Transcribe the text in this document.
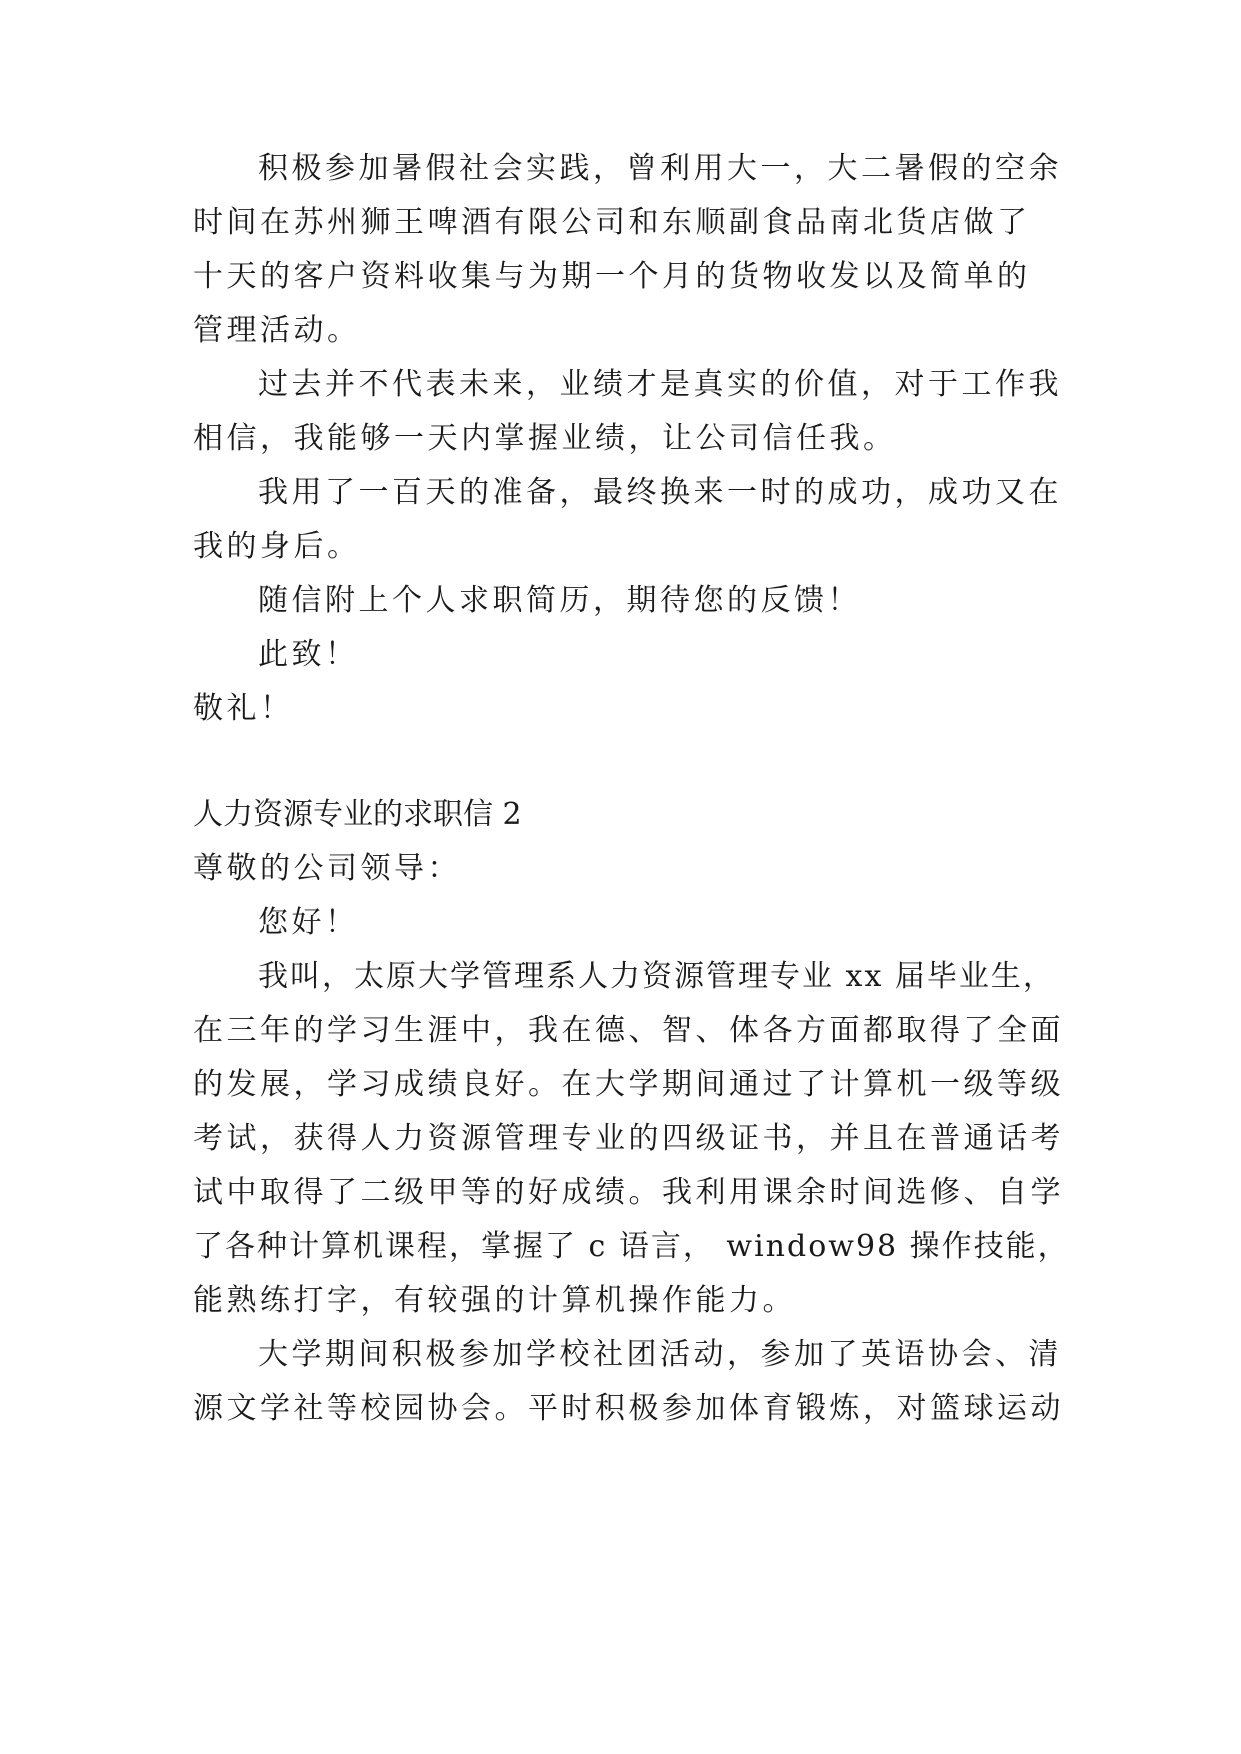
积极参加暑假社会实践，曾利用大一，大二暑假的空余
时间在苏州狮王啤酒有限公司和东顺副食品南北货店做了
十天的客户资料收集与为期一个月的货物收发以及简单的
管理活动。
过去并不代表未来，业绩才是真实的价值，对于工作我
相信，我能够一天内掌握业绩，让公司信任我。
我用了一百天的准备，最终换来一时的成功，成功又在
我的身后。
随信附上个人求职简历，期待您的反馈！
此致！
敬礼！
人力资源专业的求职信 2
尊敬的公司领导：
您好！
我叫，太原大学管理系人力资源管理专业 xx 届毕业生，
在三年的学习生涯中，我在德、智、体各方面都取得了全面
的发展，学习成绩良好。在大学期间通过了计算机一级等级
考试，获得人力资源管理专业的四级证书，并且在普通话考
试中取得了二级甲等的好成绩。我利用课余时间选修、自学
了各种计算机课程，掌握了 c 语言， window98 操作技能，
能熟练打字，有较强的计算机操作能力。
大学期间积极参加学校社团活动，参加了英语协会、清
源文学社等校园协会。平时积极参加体育锻炼，对篮球运动
